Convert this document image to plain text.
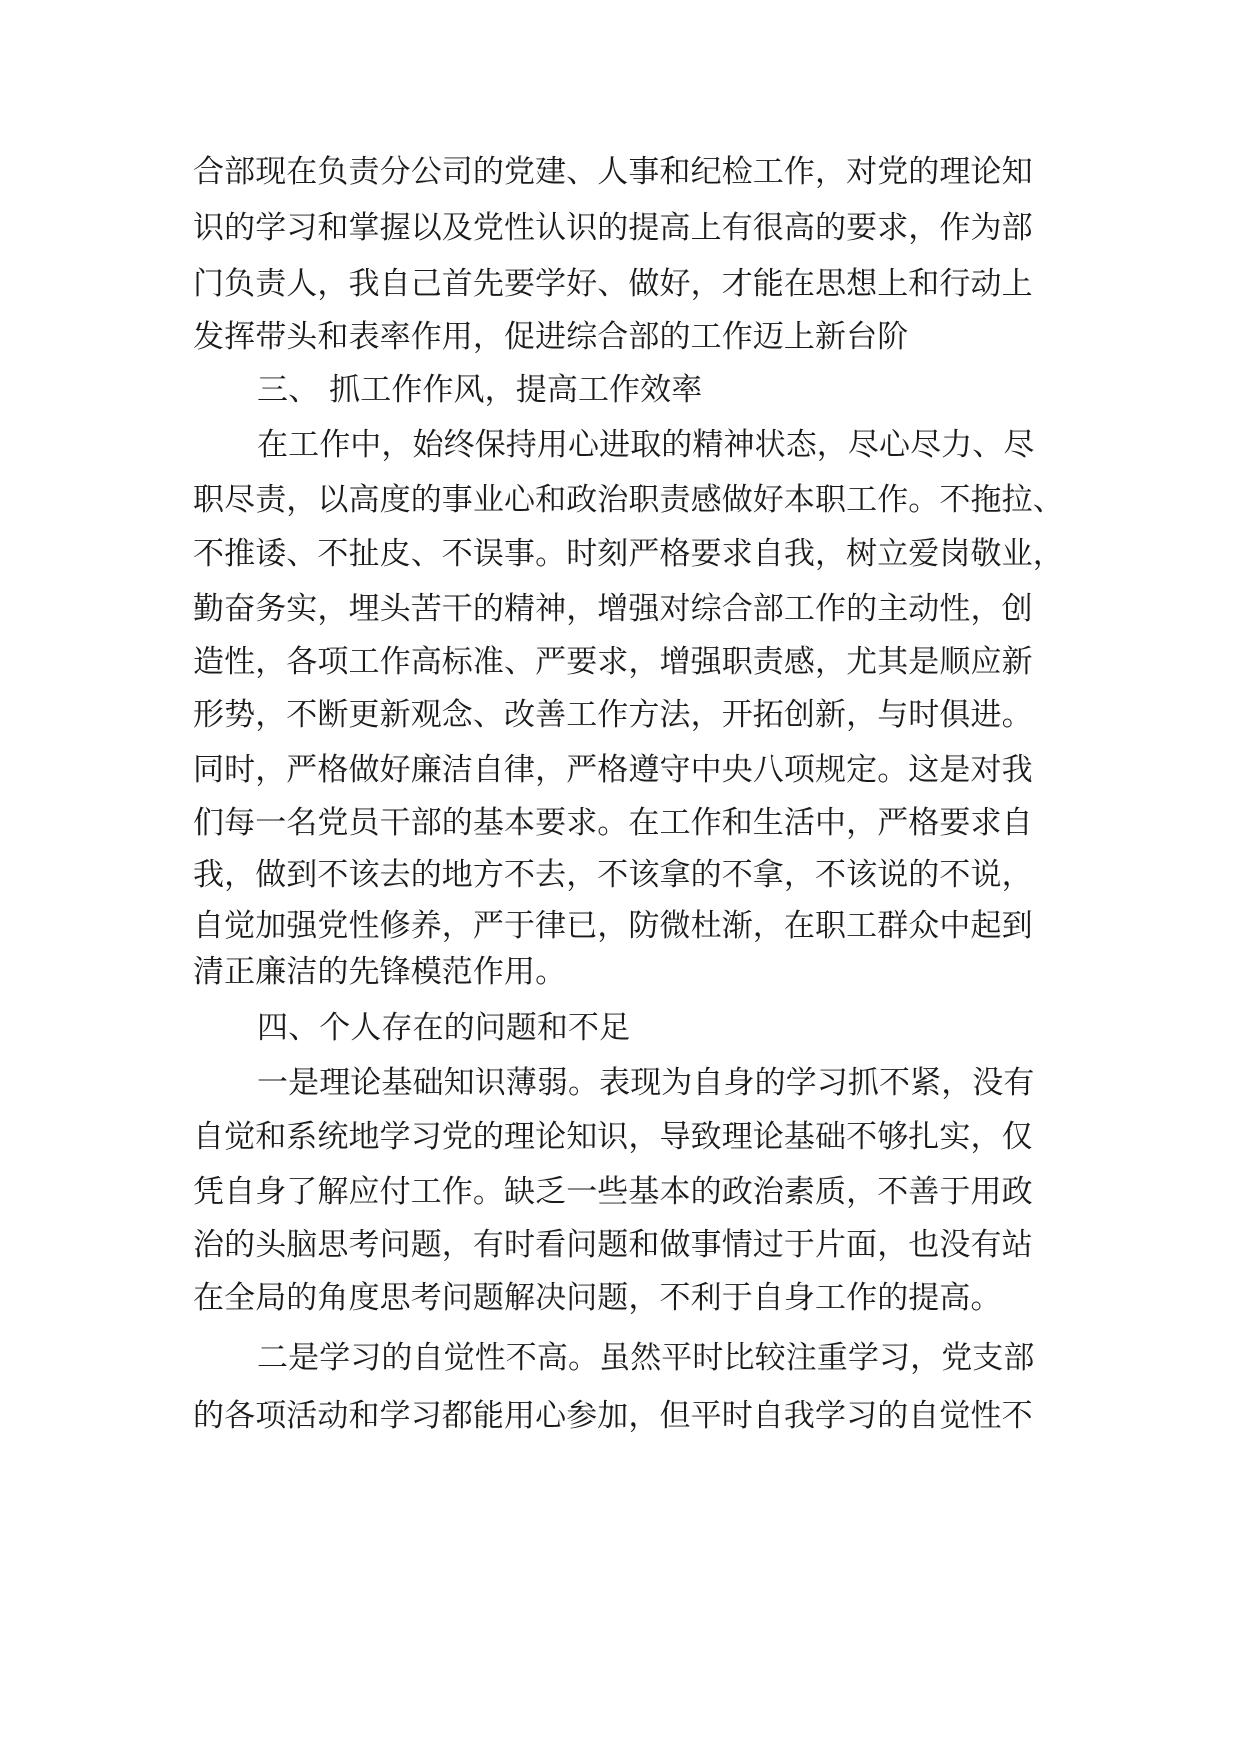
合部现在负责分公司的党建、人事和纪检工作，对党的理论知

识的学习和掌握以及党性认识的提高上有很高的要求，作为部

门负责人，我自己首先要学好、做好，才能在思想上和行动上

发挥带头和表率作用，促进综合部的工作迈上新台阶

三、 抓工作作风，提高工作效率

在工作中，始终保持用心进取的精神状态，尽心尽力、尽

职尽责，以高度的事业心和政治职责感做好本职工作。不拖拉、

不推诿、不扯皮、不误事。时刻严格要求自我，树立爱岗敬业，

勤奋务实，埋头苦干的精神，增强对综合部工作的主动性，创

造性，各项工作高标准、严要求，增强职责感，尤其是顺应新

形势，不断更新观念、改善工作方法，开拓创新，与时俱进。

同时，严格做好廉洁自律，严格遵守中央八项规定。这是对我

们每一名党员干部的基本要求。在工作和生活中，严格要求自

我，做到不该去的地方不去，不该拿的不拿，不该说的不说，

自觉加强党性修养，严于律已，防微杜渐，在职工群众中起到

清正廉洁的先锋模范作用。

四、个人存在的问题和不足

一是理论基础知识薄弱。表现为自身的学习抓不紧，没有

自觉和系统地学习党的理论知识，导致理论基础不够扎实，仅

凭自身了解应付工作。缺乏一些基本的政治素质，不善于用政

治的头脑思考问题，有时看问题和做事情过于片面，也没有站

在全局的角度思考问题解决问题，不利于自身工作的提高。

二是学习的自觉性不高。虽然平时比较注重学习，党支部

的各项活动和学习都能用心参加，但平时自我学习的自觉性不
